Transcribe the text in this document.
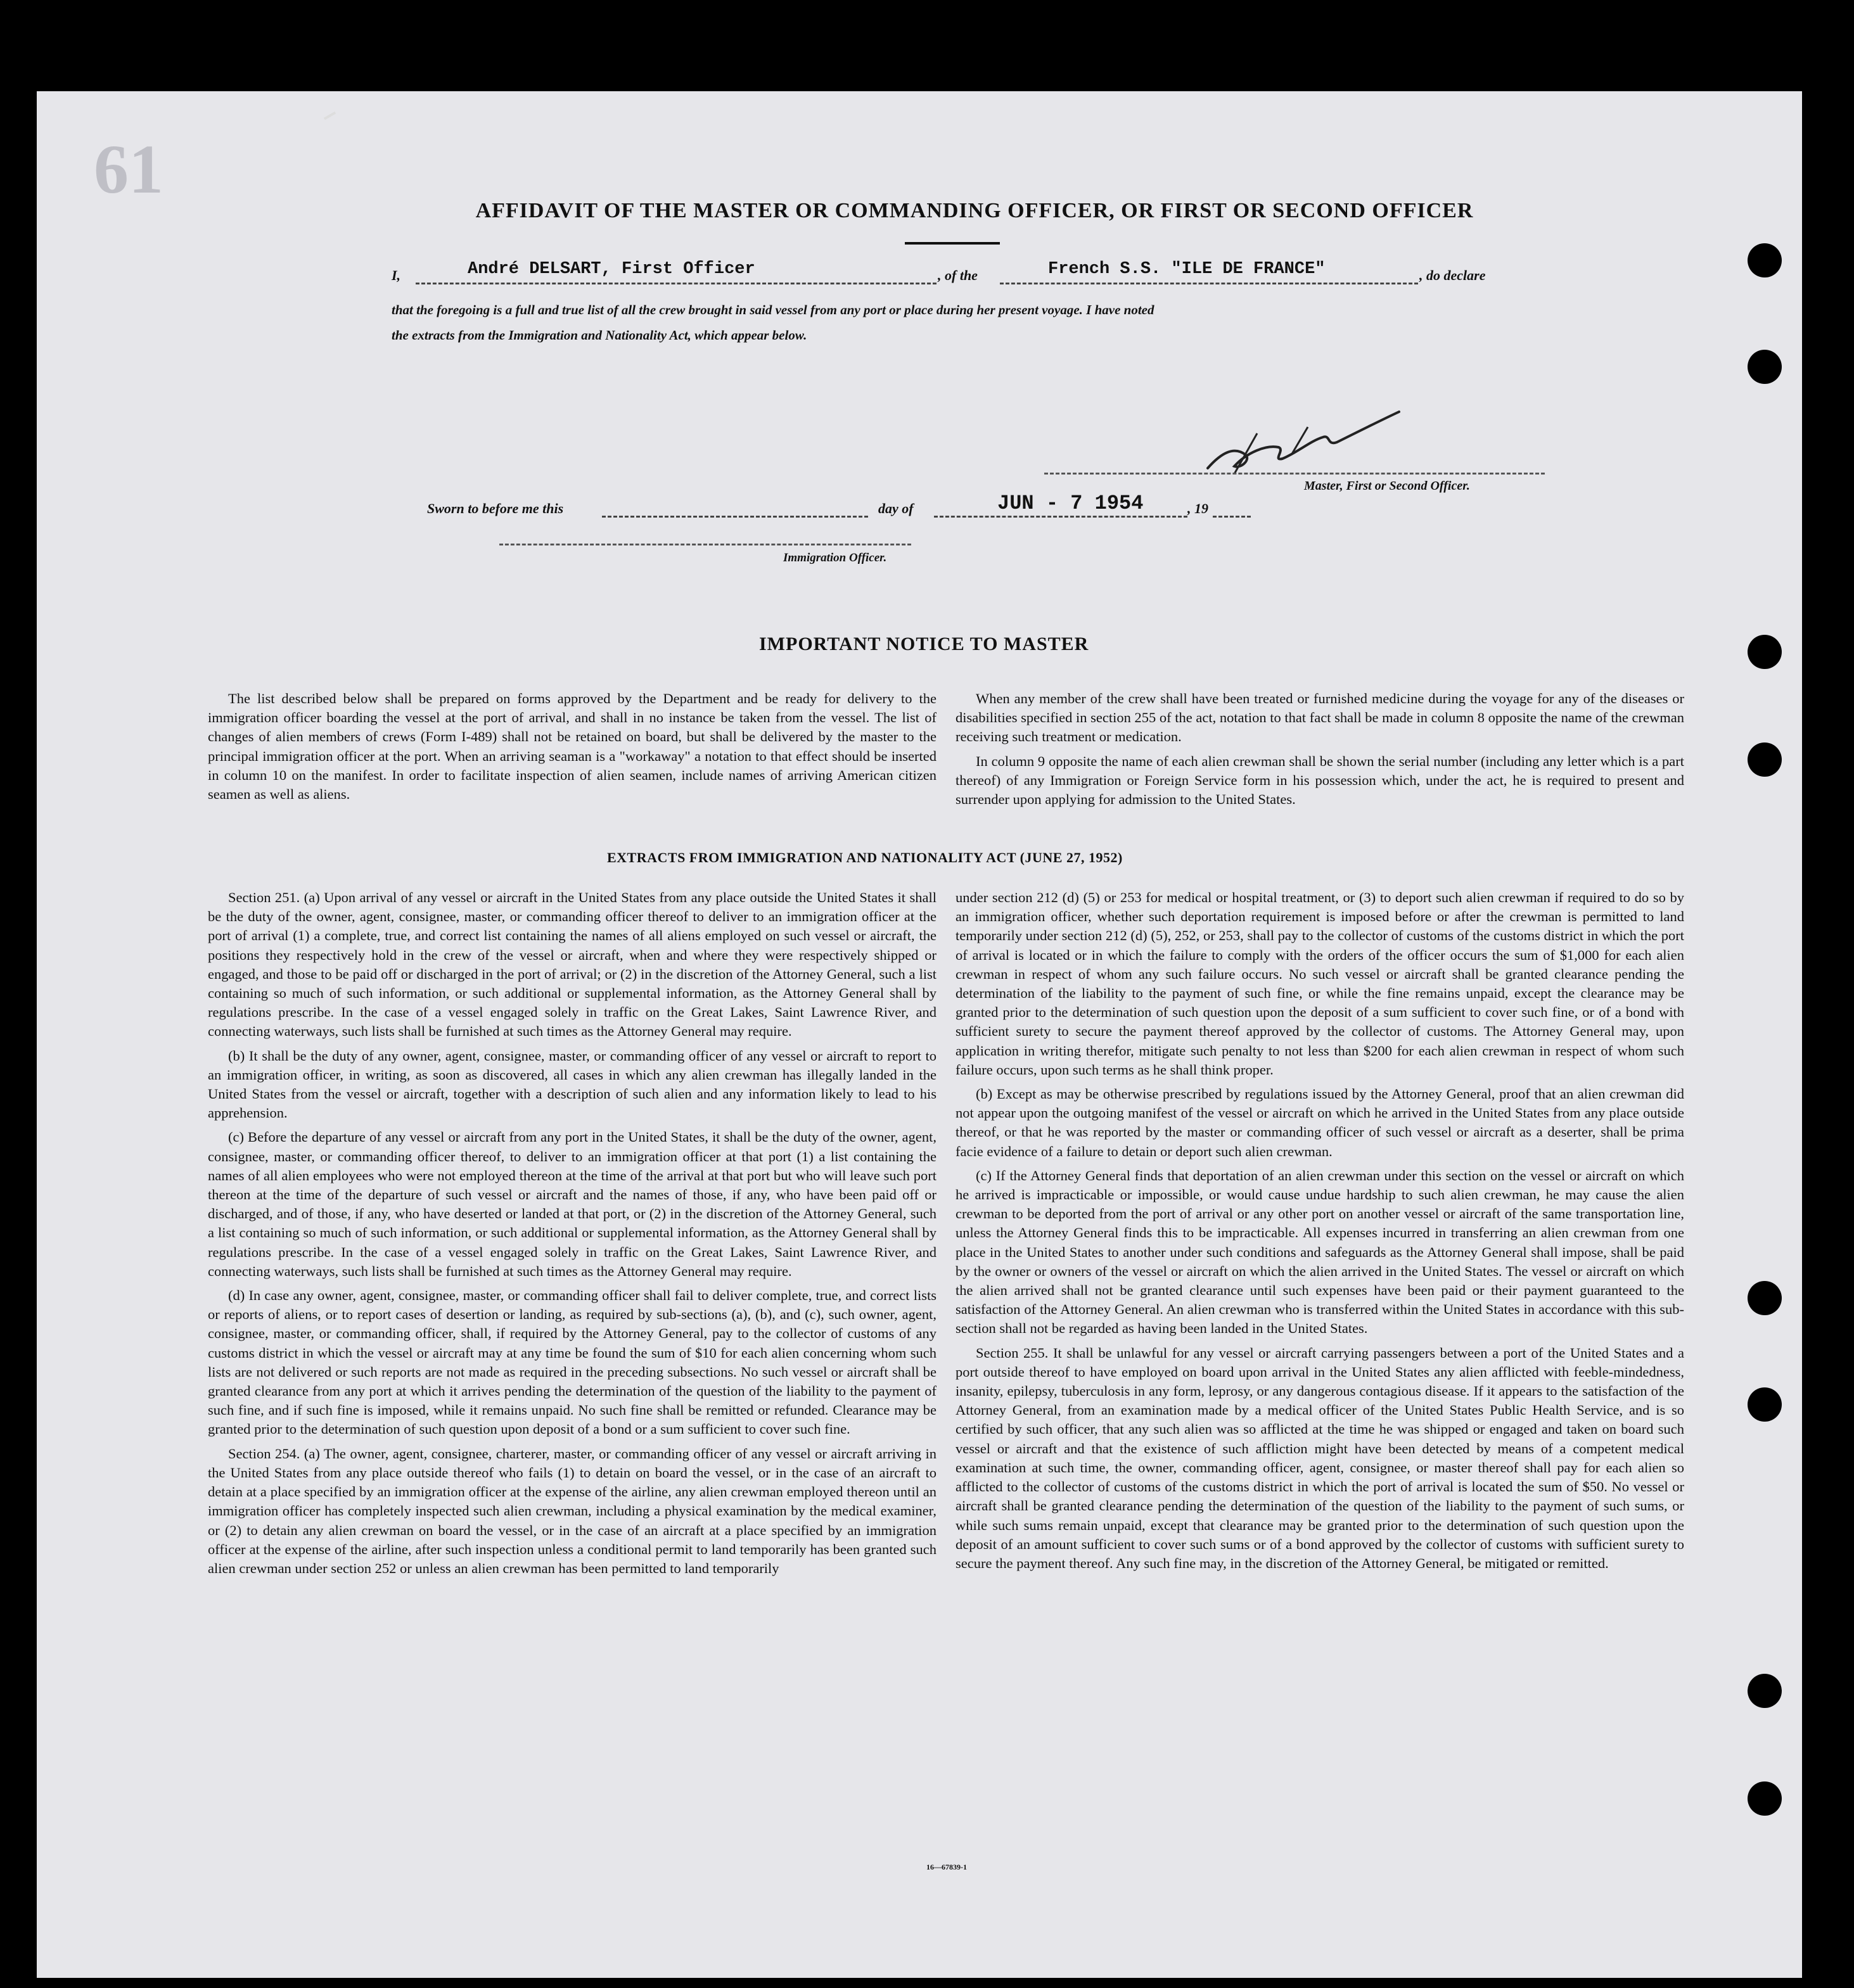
61
AFFIDAVIT OF THE MASTER OR COMMANDING OFFICER, OR FIRST OR SECOND OFFICER
I,	André DELSART, First Officer	, of the	French S.S. "ILE DE FRANCE"	, do declare
that the foregoing is a full and true list of all the crew brought in said vessel from any port or place during her present voyage. I have noted
the extracts from the Immigration and Nationality Act, which appear below.
Master, First or Second Officer.
Sworn to before me this	day of	JUN - 7 1954	, 19
Immigration Officer.
IMPORTANT NOTICE TO MASTER

The list described below shall be prepared on forms approved by the Department and be ready for delivery to the immigration officer boarding the vessel at the port of arrival, and shall in no instance be taken from the vessel. The list of changes of alien members of crews (Form I-489) shall not be retained on board, but shall be delivered by the master to the principal immigration officer at the port. When an arriving seaman is a "workaway" a notation to that effect should be inserted in column 10 on the manifest. In order to facilitate inspection of alien seamen, include names of arriving American citizen seamen as well as aliens.

When any member of the crew shall have been treated or furnished medicine during the voyage for any of the diseases or disabilities specified in section 255 of the act, notation to that fact shall be made in column 8 opposite the name of the crewman receiving such treatment or medication.

In column 9 opposite the name of each alien crewman shall be shown the serial number (including any letter which is a part thereof) of any Immigration or Foreign Service form in his possession which, under the act, he is required to present and surrender upon applying for admission to the United States.

EXTRACTS FROM IMMIGRATION AND NATIONALITY ACT (JUNE 27, 1952)

Section 251. (a) Upon arrival of any vessel or aircraft in the United States from any place outside the United States it shall be the duty of the owner, agent, consignee, master, or commanding officer thereof to deliver to an immigration officer at the port of arrival (1) a complete, true, and correct list containing the names of all aliens employed on such vessel or aircraft, the positions they respectively hold in the crew of the vessel or aircraft, when and where they were respectively shipped or engaged, and those to be paid off or discharged in the port of arrival; or (2) in the discretion of the Attorney General, such a list containing so much of such information, or such additional or supplemental information, as the Attorney General shall by regulations prescribe. In the case of a vessel engaged solely in traffic on the Great Lakes, Saint Lawrence River, and connecting waterways, such lists shall be furnished at such times as the Attorney General may require.

(b) It shall be the duty of any owner, agent, consignee, master, or commanding officer of any vessel or aircraft to report to an immigration officer, in writing, as soon as discovered, all cases in which any alien crewman has illegally landed in the United States from the vessel or aircraft, together with a description of such alien and any information likely to lead to his apprehension.

(c) Before the departure of any vessel or aircraft from any port in the United States, it shall be the duty of the owner, agent, consignee, master, or commanding officer thereof, to deliver to an immigration officer at that port (1) a list containing the names of all alien employees who were not employed thereon at the time of the arrival at that port but who will leave such port thereon at the time of the departure of such vessel or aircraft and the names of those, if any, who have been paid off or discharged, and of those, if any, who have deserted or landed at that port, or (2) in the discretion of the Attorney General, such a list containing so much of such information, or such additional or supplemental information, as the Attorney General shall by regulations prescribe. In the case of a vessel engaged solely in traffic on the Great Lakes, Saint Lawrence River, and connecting waterways, such lists shall be furnished at such times as the Attorney General may require.

(d) In case any owner, agent, consignee, master, or commanding officer shall fail to deliver complete, true, and correct lists or reports of aliens, or to report cases of desertion or landing, as required by sub-sections (a), (b), and (c), such owner, agent, consignee, master, or commanding officer, shall, if required by the Attorney General, pay to the collector of customs of any customs district in which the vessel or aircraft may at any time be found the sum of $10 for each alien concerning whom such lists are not delivered or such reports are not made as required in the preceding subsections. No such vessel or aircraft shall be granted clearance from any port at which it arrives pending the determination of the question of the liability to the payment of such fine, and if such fine is imposed, while it remains unpaid. No such fine shall be remitted or refunded. Clearance may be granted prior to the determination of such question upon deposit of a bond or a sum sufficient to cover such fine.

Section 254. (a) The owner, agent, consignee, charterer, master, or commanding officer of any vessel or aircraft arriving in the United States from any place outside thereof who fails (1) to detain on board the vessel, or in the case of an aircraft to detain at a place specified by an immigration officer at the expense of the airline, any alien crewman employed thereon until an immigration officer has completely inspected such alien crewman, including a physical examination by the medical examiner, or (2) to detain any alien crewman on board the vessel, or in the case of an aircraft at a place specified by an immigration officer at the expense of the airline, after such inspection unless a conditional permit to land temporarily has been granted such alien crewman under section 252 or unless an alien crewman has been permitted to land temporarily

under section 212 (d) (5) or 253 for medical or hospital treatment, or (3) to deport such alien crewman if required to do so by an immigration officer, whether such deportation requirement is imposed before or after the crewman is permitted to land temporarily under section 212 (d) (5), 252, or 253, shall pay to the collector of customs of the customs district in which the port of arrival is located or in which the failure to comply with the orders of the officer occurs the sum of $1,000 for each alien crewman in respect of whom any such failure occurs. No such vessel or aircraft shall be granted clearance pending the determination of the liability to the payment of such fine, or while the fine remains unpaid, except the clearance may be granted prior to the determination of such question upon the deposit of a sum sufficient to cover such fine, or of a bond with sufficient surety to secure the payment thereof approved by the collector of customs. The Attorney General may, upon application in writing therefor, mitigate such penalty to not less than $200 for each alien crewman in respect of whom such failure occurs, upon such terms as he shall think proper.

(b) Except as may be otherwise prescribed by regulations issued by the Attorney General, proof that an alien crewman did not appear upon the outgoing manifest of the vessel or aircraft on which he arrived in the United States from any place outside thereof, or that he was reported by the master or commanding officer of such vessel or aircraft as a deserter, shall be prima facie evidence of a failure to detain or deport such alien crewman.

(c) If the Attorney General finds that deportation of an alien crewman under this section on the vessel or aircraft on which he arrived is impracticable or impossible, or would cause undue hardship to such alien crewman, he may cause the alien crewman to be deported from the port of arrival or any other port on another vessel or aircraft of the same transportation line, unless the Attorney General finds this to be impracticable. All expenses incurred in transferring an alien crewman from one place in the United States to another under such conditions and safeguards as the Attorney General shall impose, shall be paid by the owner or owners of the vessel or aircraft on which the alien arrived in the United States. The vessel or aircraft on which the alien arrived shall not be granted clearance until such expenses have been paid or their payment guaranteed to the satisfaction of the Attorney General. An alien crewman who is transferred within the United States in accordance with this sub-section shall not be regarded as having been landed in the United States.

Section 255. It shall be unlawful for any vessel or aircraft carrying passengers between a port of the United States and a port outside thereof to have employed on board upon arrival in the United States any alien afflicted with feeble-mindedness, insanity, epilepsy, tuberculosis in any form, leprosy, or any dangerous contagious disease. If it appears to the satisfaction of the Attorney General, from an examination made by a medical officer of the United States Public Health Service, and is so certified by such officer, that any such alien was so afflicted at the time he was shipped or engaged and taken on board such vessel or aircraft and that the existence of such affliction might have been detected by means of a competent medical examination at such time, the owner, commanding officer, agent, consignee, or master thereof shall pay for each alien so afflicted to the collector of customs of the customs district in which the port of arrival is located the sum of $50. No vessel or aircraft shall be granted clearance pending the determination of the question of the liability to the payment of such sums, or while such sums remain unpaid, except that clearance may be granted prior to the determination of such question upon the deposit of an amount sufficient to cover such sums or of a bond approved by the collector of customs with sufficient surety to secure the payment thereof. Any such fine may, in the discretion of the Attorney General, be mitigated or remitted.

16—67839-1
